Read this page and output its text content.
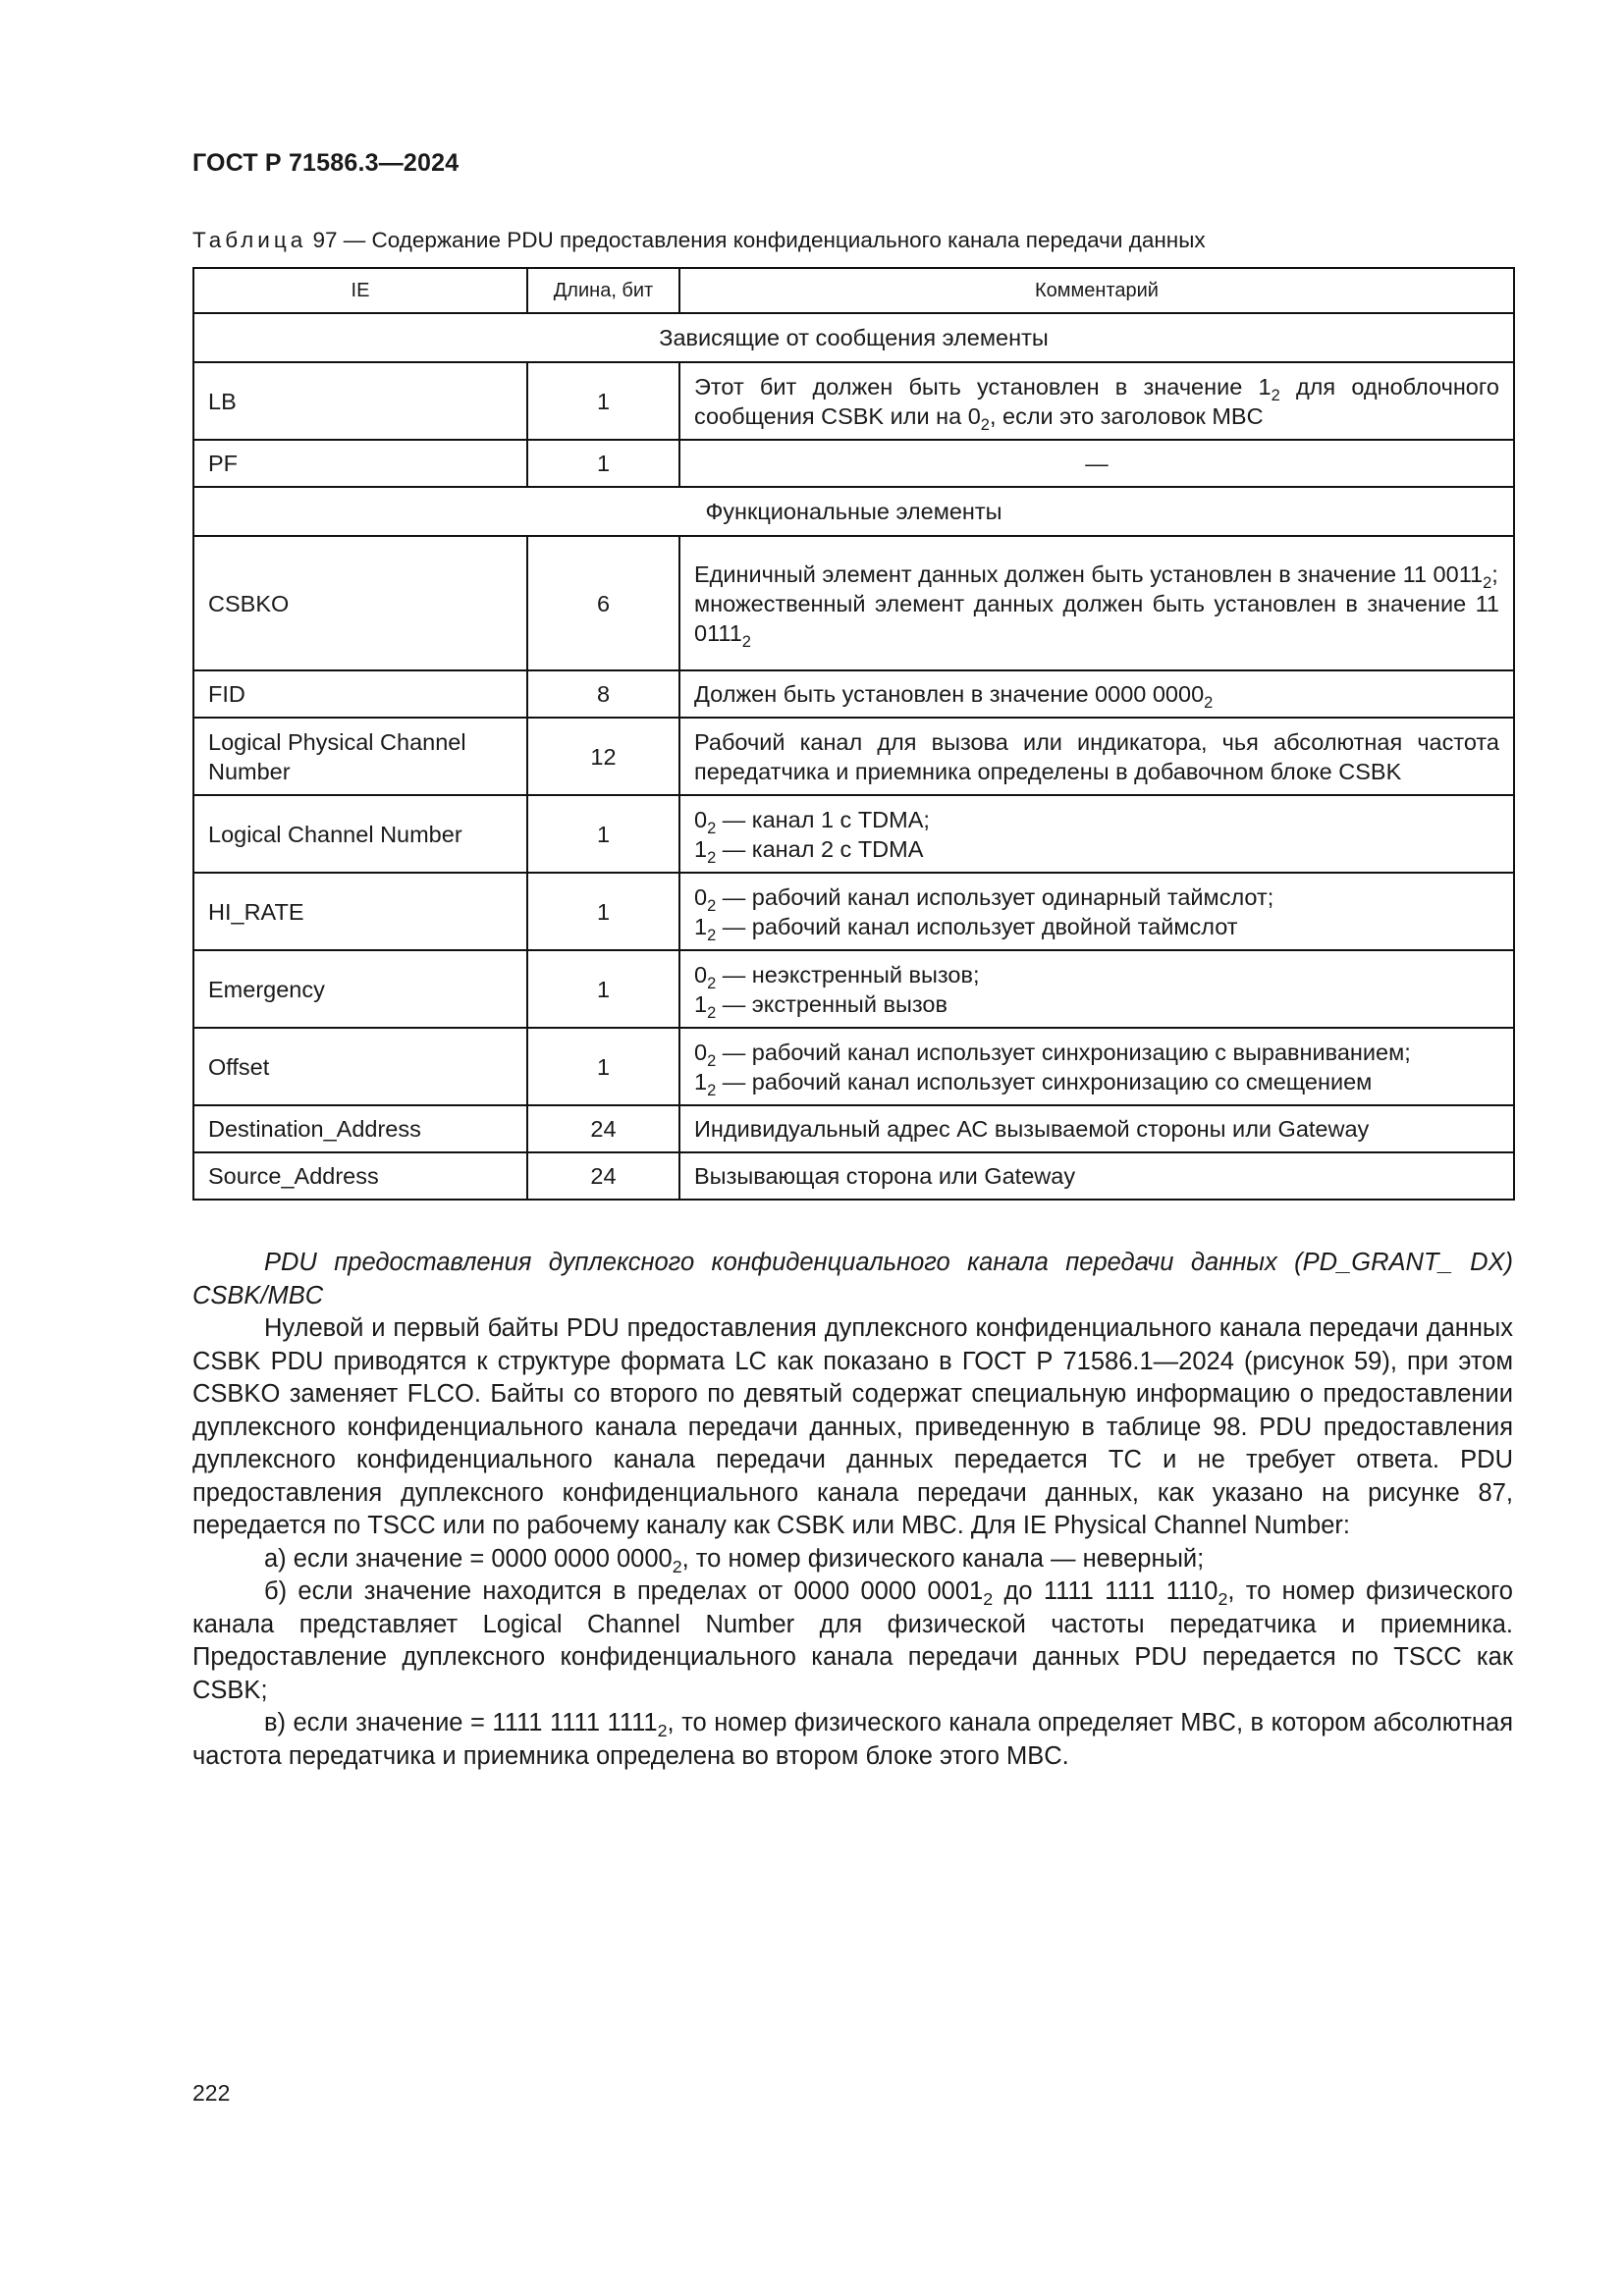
ГОСТ Р 71586.3—2024
Таблица 97 — Содержание PDU предоставления конфиденциального канала передачи данных
IE	Длина, бит	Комментарий
Зависящие от сообщения элементы		
LB	1	Этот бит должен быть установлен в значение $1_2$ для одноблочного сообщения CSBK или на $0_2$, если это заголовок MBC
PF	1	—
Функциональные элементы		
CSBKO	6	Единичный элемент данных должен быть установлен в значение 11 $0011_2$;
множественный элемент данных должен быть установлен в значение 11 $0111_2$
FID	8	Должен быть установлен в значение 0000 $0000_2$
Logical Physical Channel Number	12	Рабочий канал для вызова или индикатора, чья абсолютная частота передатчика и приемника определены в добавочном блоке CSBK
Logical Channel Number	1	$0_2$ — канал 1 с TDMA;
$1_2$ — канал 2 с TDMA

HI_RATE	1	$0_2$ — рабочий канал использует одинарный таймслот;
$1_2$ — рабочий канал использует двойной таймслот

Emergency	1	$0_2$ — неэкстренный вызов;
$1_2$ — экстренный вызов

Offset	1	$0_2$ — рабочий канал использует синхронизацию с выравниванием;
$1_2$ — рабочий канал использует синхронизацию со смещением

Destination_Address	24	Индивидуальный адрес АС вызываемой стороны или Gateway
Source_Address	24	Вызывающая сторона или Gateway

PDU предоставления дуплексного конфиденциального канала передачи данных (PD_GRANT_ DX) CSBK/MBC

Нулевой и первый байты PDU предоставления дуплексного конфиденциального канала передачи данных CSBK PDU приводятся к структуре формата LC как показано в ГОСТ Р 71586.1—2024 (рисунок 59), при этом CSBKO заменяет FLCO. Байты со второго по девятый содержат специальную информацию о предоставлении дуплексного конфиденциального канала передачи данных, приведенную в таблице 98. PDU предоставления дуплексного конфиденциального канала передачи данных передается ТС и не требует ответа. PDU предоставления дуплексного конфиденциального канала передачи данных, как указано на рисунке 87, передается по TSCC или по рабочему каналу как CSBK или MBC. Для IE Physical Channel Number:

а) если значение = 0000 0000 $0000_2$, то номер физического канала — неверный;

б) если значение находится в пределах от 0000 0000 $0001_2$ до 1111 1111 $1110_2$, то номер физического канала представляет Logical Channel Number для физической частоты передатчика и приемника. Предоставление дуплексного конфиденциального канала передачи данных PDU передается по TSCC как CSBK;

в) если значение = 1111 1111 $1111_2$, то номер физического канала определяет MBC, в котором абсолютная частота передатчика и приемника определена во втором блоке этого MBC.

222
